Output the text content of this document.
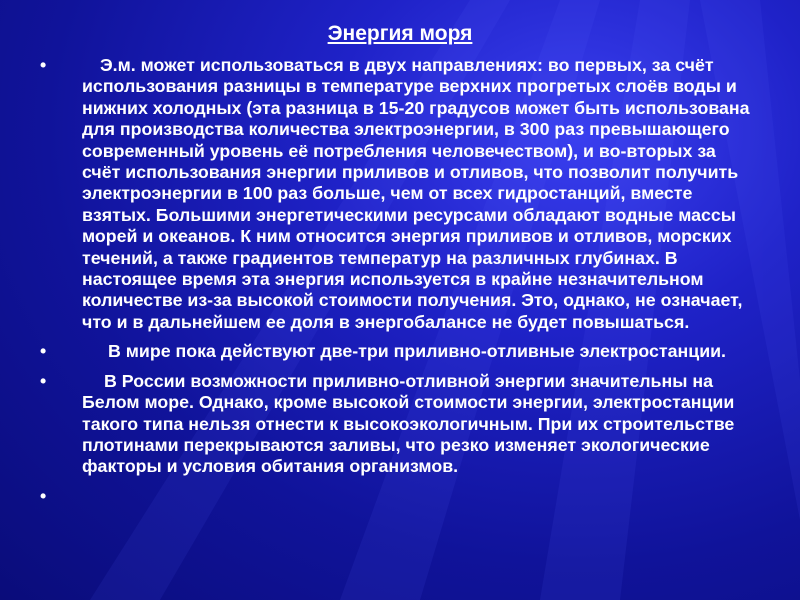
Энергия моря
•	Э.м. может использоваться в двух направлениях: во первых, за счёт использования разницы в температуре верхних прогретых слоёв воды и нижних холодных (эта разница в 15-20 градусов может быть использована для производства количества электроэнергии, в 300 раз превышающего современный уровень её потребления человечеством), и во-вторых за счёт использования энергии приливов и отливов, что позволит получить электроэнергии в 100 раз больше, чем от всех гидростанций, вместе взятых. Большими энергетическими ресурсами обладают водные массы морей и океанов. К ним относится энергия приливов и отливов, морских течений, а также градиентов температур на различных глубинах. В настоящее время эта энергия используется в крайне незначительном количестве из-за высокой стоимости получения. Это, однако, не означает, что и в дальнейшем ее доля в энергобалансе не будет повышаться.
•	В мире пока действуют две-три приливно-отливные электростанции.
•	В России возможности приливно-отливной энергии значительны на Белом море. Однако, кроме высокой стоимости энергии, электростанции такого типа нельзя отнести к высокоэкологичным. При их строительстве плотинами перекрываются заливы, что резко изменяет экологические факторы и условия обитания организмов.
•
